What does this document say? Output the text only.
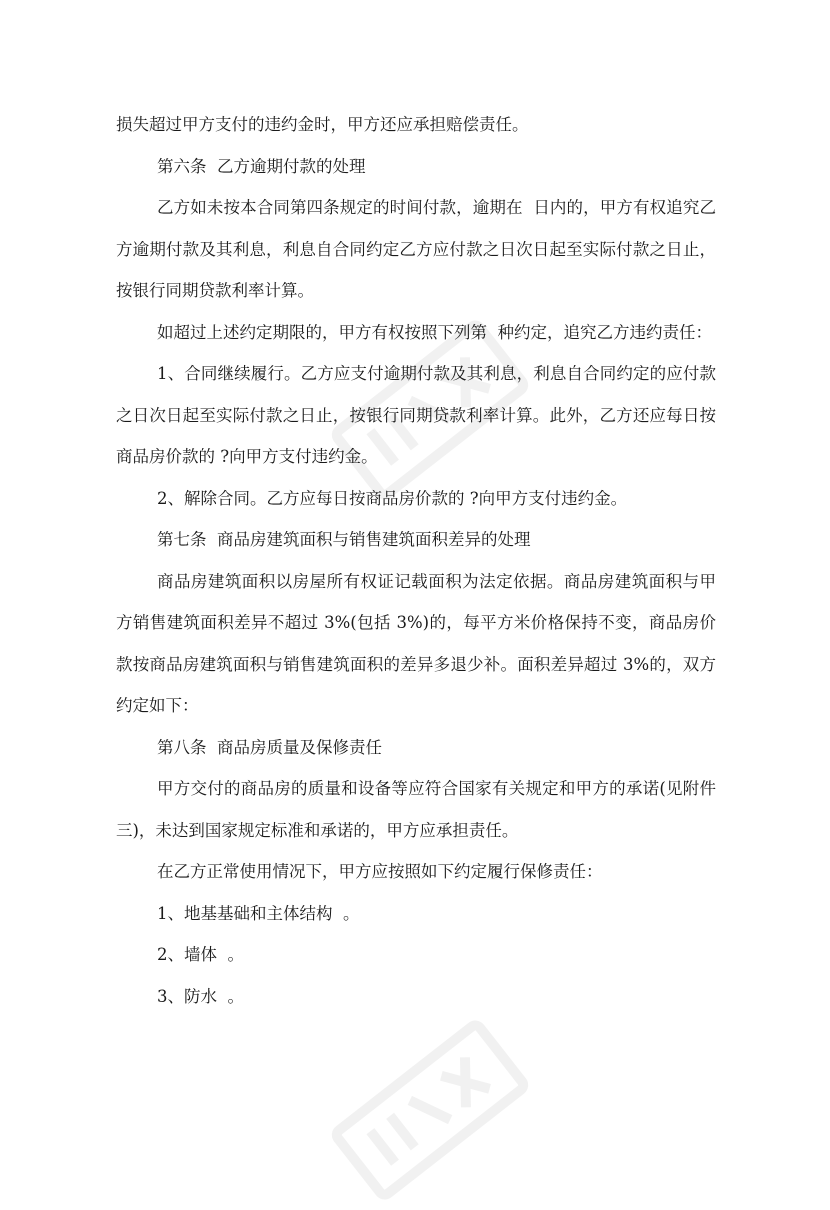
损失超过甲方支付的违约金时，甲方还应承担赔偿责任。

第六条  乙方逾期付款的处理

乙方如未按本合同第四条规定的时间付款，逾期在  日内的，甲方有权追究乙方逾期付款及其利息，利息自合同约定乙方应付款之日次日起至实际付款之日止，按银行同期贷款利率计算。

如超过上述约定期限的，甲方有权按照下列第  种约定，追究乙方违约责任：

1、合同继续履行。乙方应支付逾期付款及其利息，利息自合同约定的应付款之日次日起至实际付款之日止，按银行同期贷款利率计算。此外，乙方还应每日按商品房价款的 ?向甲方支付违约金。

2、解除合同。乙方应每日按商品房价款的 ?向甲方支付违约金。

第七条  商品房建筑面积与销售建筑面积差异的处理

商品房建筑面积以房屋所有权证记载面积为法定依据。商品房建筑面积与甲方销售建筑面积差异不超过 3%(包括 3%)的，每平方米价格保持不变，商品房价款按商品房建筑面积与销售建筑面积的差异多退少补。面积差异超过 3%的，双方约定如下：

第八条  商品房质量及保修责任

甲方交付的商品房的质量和设备等应符合国家有关规定和甲方的承诺(见附件三)，未达到国家规定标准和承诺的，甲方应承担责任。

在乙方正常使用情况下，甲方应按照如下约定履行保修责任：

1、地基基础和主体结构  。

2、墙体  。

3、防水  。
